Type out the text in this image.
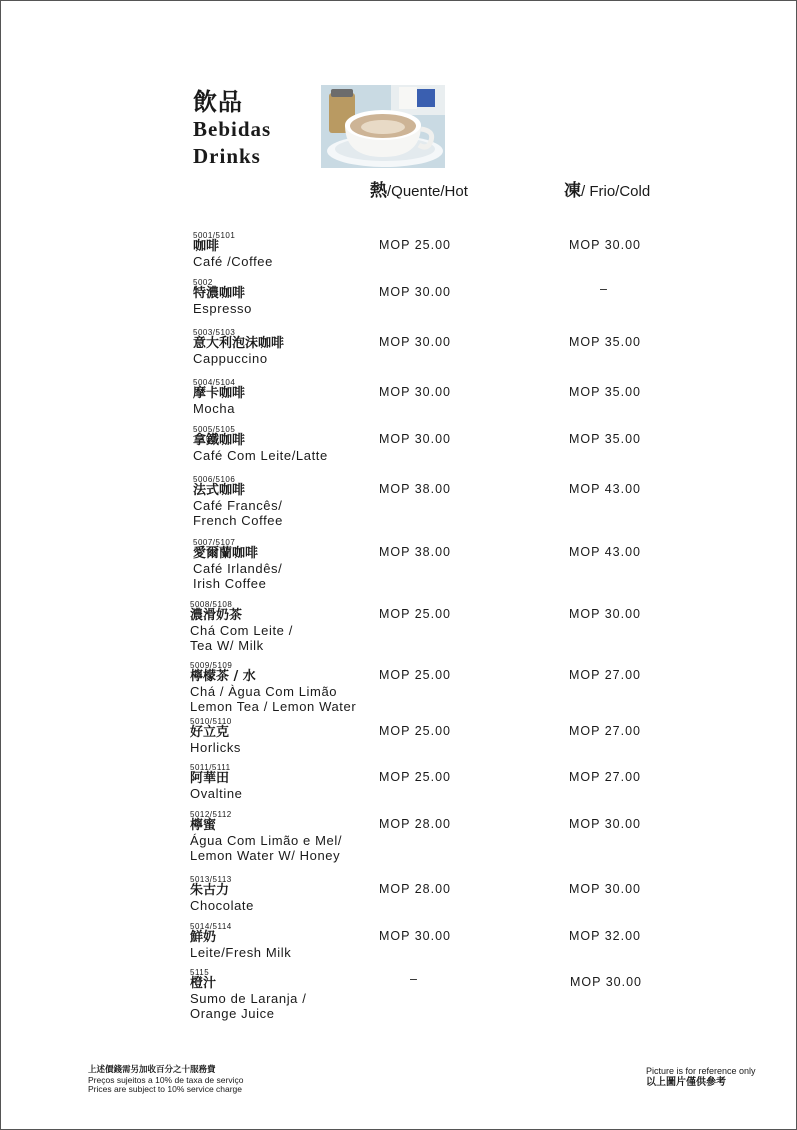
飲品
Bebidas
Drinks
熱/Quente/Hot	凍/ Frio/Cold
5001/5101
咖啡
Café /Coffee
MOP 25.00	MOP 30.00
5002
特濃咖啡
Espresso
MOP 30.00	–
5003/5103
意大利泡沫咖啡
Cappuccino
MOP 30.00	MOP 35.00
5004/5104
摩卡咖啡
Mocha
MOP 30.00	MOP 35.00
5005/5105
拿鐵咖啡
Café Com Leite/Latte
MOP 30.00	MOP 35.00
5006/5106
法式咖啡
Café Francês/
French Coffee
MOP 38.00	MOP 43.00
5007/5107
愛爾蘭咖啡
Café Irlandês/
Irish Coffee
MOP 38.00	MOP 43.00
5008/5108
濃滑奶茶
Chá Com Leite /
Tea W/ Milk
MOP 25.00	MOP 30.00
5009/5109
檸檬茶 / 水
Chá / Àgua Com Limão
Lemon Tea / Lemon Water
MOP 25.00	MOP 27.00
5010/5110
好立克
Horlicks
MOP 25.00	MOP 27.00
5011/5111
阿華田
Ovaltine
MOP 25.00	MOP 27.00
5012/5112
檸蜜
Água Com Limão e Mel/
Lemon Water W/ Honey
MOP 28.00	MOP 30.00
5013/5113
朱古力
Chocolate
MOP 28.00	MOP 30.00
5014/5114
鮮奶
Leite/Fresh Milk
MOP 30.00	MOP 32.00
5115
橙汁
Sumo de Laranja /
Orange Juice
–	MOP 30.00
上述價錢需另加收百分之十服務費
Preços sujeitos a 10% de taxa de serviço
Prices are subject to 10% service charge
Picture is for reference only
以上圖片僅供參考
